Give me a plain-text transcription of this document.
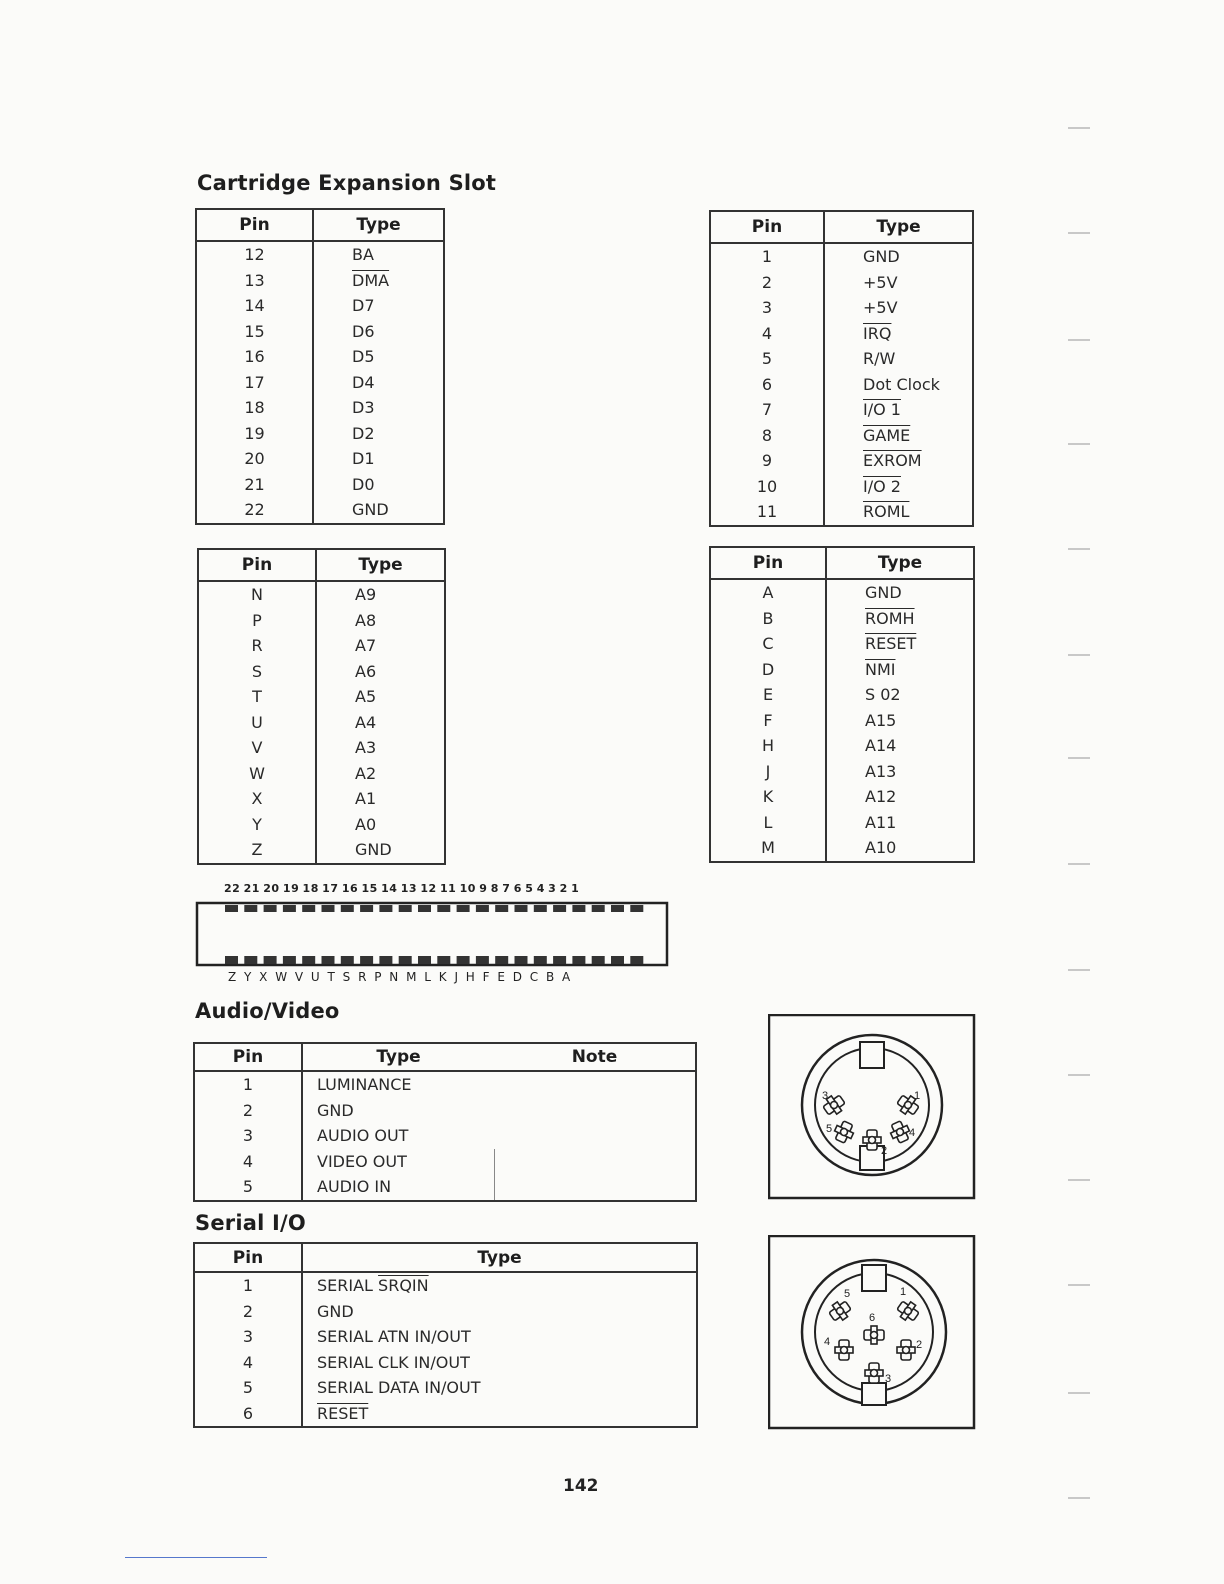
Cartridge Expansion Slot
Audio/Video
Serial I/O
Pin	Type
12	BA
13	$\overline{DMA}$
14	D7
15	D6
16	D5
17	D4
18	D3
19	D2
20	D1
21	D0
22	GND
Pin	Type
1	GND
2	+5V
3	+5V
4	$\overline{IRQ}$
5	R/W
6	Dot Clock
7	I/O 1
8	GAME
9	EXROM
10	I/O 2
11	ROML
Pin	Type
N	A9
P	A8
R	A7
S	A6
T	A5
U	A4
V	A3
W	A2
X	A1
Y	A0
Z	GND
Pin	Type
A	GND
B	ROMH
C	RESET
D	$\overline{NMI}$
E	S 02
F	A15
H	A14
J	A13
K	A12
L	A11
M	A10
22 21 20 19 18 17 16 15 14 13 12 11 10 9 8 7 6 5 4 3 2 1
Z Y X W V U T S R P N M L K J H F E D C B A
Pin	Type	Note
1	LUMINANCE	
2	GND	
3	AUDIO OUT	
4	VIDEO OUT	
5	AUDIO IN	
Pin	Type
1	SERIAL SRQIN
2	GND
3	SERIAL ATN IN/OUT
4	SERIAL CLK IN/OUT
5	SERIAL DATA IN/OUT
6	RESET
3	1
5
2
4
5	1
6
4	2
3
142
